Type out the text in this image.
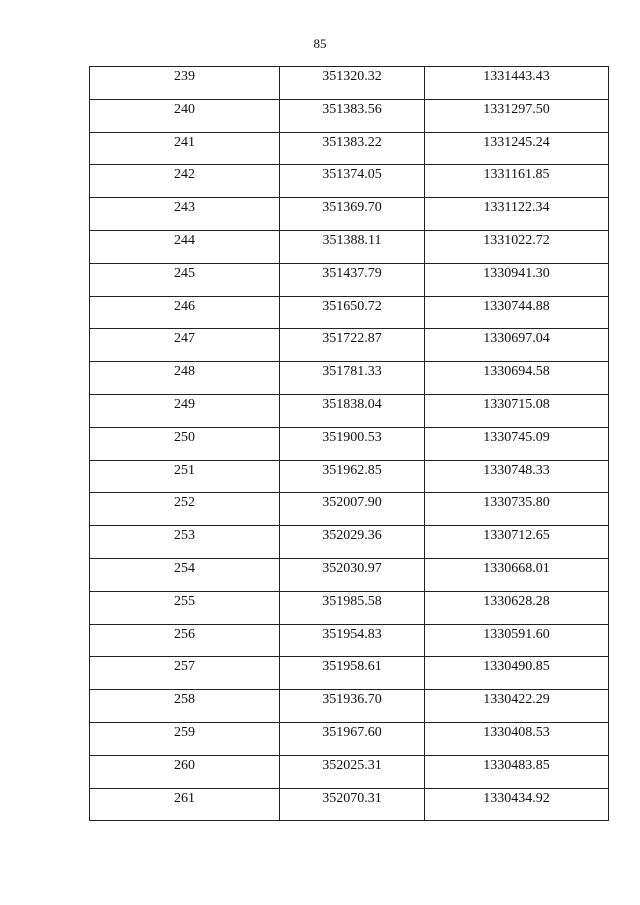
85
239	351320.32	1331443.43
240	351383.56	1331297.50
241	351383.22	1331245.24
242	351374.05	1331161.85
243	351369.70	1331122.34
244	351388.11	1331022.72
245	351437.79	1330941.30
246	351650.72	1330744.88
247	351722.87	1330697.04
248	351781.33	1330694.58
249	351838.04	1330715.08
250	351900.53	1330745.09
251	351962.85	1330748.33
252	352007.90	1330735.80
253	352029.36	1330712.65
254	352030.97	1330668.01
255	351985.58	1330628.28
256	351954.83	1330591.60
257	351958.61	1330490.85
258	351936.70	1330422.29
259	351967.60	1330408.53
260	352025.31	1330483.85
261	352070.31	1330434.92
